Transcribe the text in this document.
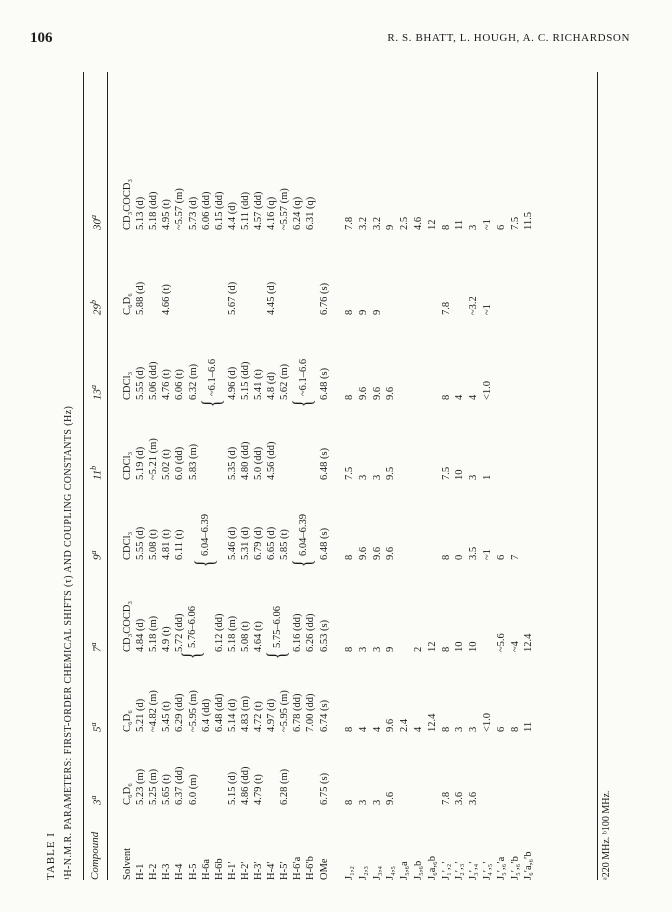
106	R. S. BHATT, L. HOUGH, A. C. RICHARDSON
TABLE I ¹H-N.M.R. PARAMETERS: FIRST-ORDER CHEMICAL SHIFTS (τ) AND COUPLING CONSTANTS (Hz) Compound
3$^a$
5$^a$
7$^a$
9$^a$
11$^b$
13$^a$
29$^b$
30$^a$
Solvent
C₆D₆
C₆D₆
CD₃COCD₃
CDCl₃
CDCl₃
CDCl₃
C₆D₆
CD₃COCD₃
H-1
5.23 (m)
5.21 (d)
4.84 (d)
5.55 (d)
5.19 (d)
5.55 (d)
5.88 (d)
5.13 (d)
H-2
5.25 (m)
~4.82 (m)
5.18 (m)
5.08 (t)
~5.21 (m)
5.06 (dd)
5.18 (dd)
H-3
5.65 (t)
5.45 (t)
4.9 (t)
4.81 (t)
5.02 (t)
4.76 (t)
4.66 (t)
4.95 (t)
H-4
6.37 (dd)
6.29 (dd)
5.72 (dd)
6.11 (t)
6.0 (dd)
6.06 (t)
~5.57 (m)
H-5
6.0 (m)
~5.95 (m)
5.83 (m)
6.32 (m)
5.73 (d)
H-6a
6.4 (dd)
6.06 (dd)
H-6b
6.48 (dd)
6.12 (dd)
6.15 (dd)
H-1′
5.15 (d)
5.14 (d)
5.18 (m)
5.46 (d)
5.35 (d)
4.96 (d)
5.67 (d)
4.4 (d)
H-2′
4.86 (dd)
4.83 (m)
5.08 (t)
5.31 (d)
4.80 (dd)
5.15 (dd)
5.11 (dd)
H-3′
4.79 (t)
4.72 (t)
4.64 (t)
6.79 (d)
5.0 (dd)
5.41 (t)
4.57 (dd)
H-4′
4.97 (d)
6.65 (d)
4.56 (dd)
4.8 (d)
4.45 (d)
4.16 (q)
H-5′
6.28 (m)
~5.95 (m)
5.85 (t)
5.62 (m)
~5.57 (m)
H-6′a
6.78 (dd)
6.16 (dd)
6.24 (q)
H-6′b
7.00 (dd)
6.26 (dd)
6.31 (q)
OMe
6.75 (s)
6.74 (s)
6.53 (s)
6.48 (s)
6.48 (s)
6.48 (s)
6.76 (s)
{
5.76–6.06
{
6.04–6.39
{
~6.1–6.6
{
5.75–6.06
{
6.04–6.39
{
~6.1–6.6
J₁,₂
8
8
8
8
7.5
8
8
7.8
J₂,₃
3
4
3
9.6
3
9.6
9
3.2
J₃,₄
3
4
3
9.6
3
9.6
9
3.2
J₄,₅
9.6
9.6
9
9.6
9.5
9.6
9
J₅,₆a
2.4
2.5
J₅,₆b
4
2
4.6
J₆a,₆b
12.4
12
12
J₁′,₂′
7.8
8
8
8
7.5
8
7.8
8
J₂′,₃′
3.6
3
10
0
10
4
11
J₃′,₄′
3.6
3
10
3.5
3
4
~3.2
3
J₄′,₅′
<1.0
~1
1
<1.0
~1
~1
J₅′,₆′a
6
~5.6
6
6
J₅′,₆′b
8
~4
7
7.5
J₆′a,₆′b
11
12.4
11.5
ᵃ220 MHz. ᵇ100 MHz.
